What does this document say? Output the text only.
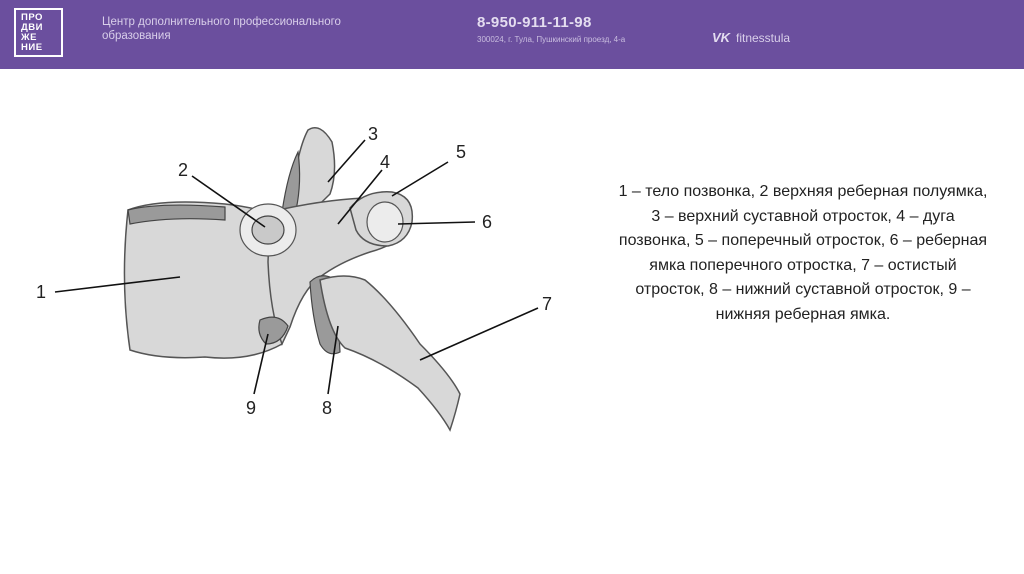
ПРО
ДВИ
ЖЕ
НИЕ
Центр дополнительного профессионального образования
8-950-911-11-98
300024, г. Тула, Пушкинский проезд, 4-а	VK fitnesstula
1
2
3
4	5
6
7
8
9
1 – тело позвонка, 2 верхняя реберная полуямка, 3 – верхний суставной отросток, 4 – дуга позвонка, 5 – поперечный отросток, 6 – реберная ямка поперечного отростка, 7 – остистый отросток, 8 – нижний суставной отросток, 9 – нижняя реберная ямка.
